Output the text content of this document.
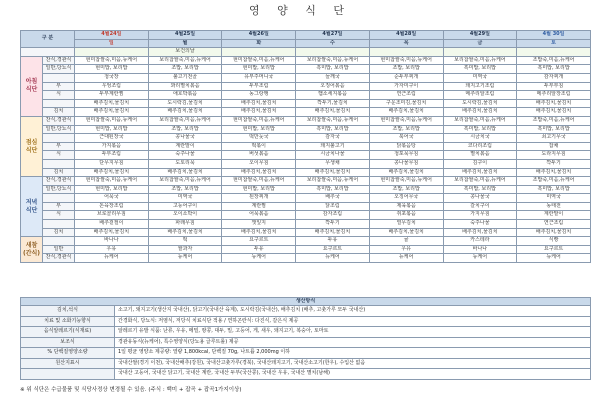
영 양 식 단
구 분		4월24일	4월25일	4월26일	4월27일	4월28일	4월29일	4월 30일
		일	월	화	수	목	금	토
			보건의날					
아침
식단	찬식,경관식	현미찹쌀죽,미음,뉴케어	보리찹쌀죽,미음,뉴케어	현미찹쌀죽,미음,뉴케어	보리찹쌀죽,미음,뉴케어	현미찹쌀죽,미음,뉴케어	보리찹쌀죽,미음,뉴케어	조밥죽,미음,뉴케어
	일반,당뇨식	현미밥, 보리밥	조밥, 보리밥	현미밥, 보리밥	흑미밥, 보리밥	조밥, 보리밥	흑미밥, 보리밥	흑미밥, 보리밥
		청국장	불고기전골	유부주머니국	들깨국	순두부찌개	미역국	감자찌개
	부	우엉조림	꽈리멸치볶음	두부조림	오징어볶음	가자미구이	돼지고기조림	두부부침
	식	두부계란찜	애호박볶음	동그랑땡	햄소세지볶음	연근조림	메추리알조림	메추리알장조림
		배추김치,물김치	도시락김,물김치	배추김치,물김치	깍두기,물김치	구운조미김,물김치	도시락김,물김치	배추김치,물김치
	김치	배추김치,물김치	배추김치,물김치	배추김치,물김치	배추김치,물김치	배추김치,물김치	배추김치,물김치	배추김치,물김치
점심
식단	찬식,경관식	현미찹쌀죽,미음,뉴케어	보리찹쌀죽,미음,뉴케어	현미찹쌀죽,미음,뉴케어	보리찹쌀죽,미음,뉴케어	현미찹쌀죽,미음,뉴케어	보리찹쌀죽,미음,뉴케어	조밥죽,미음,뉴케어
	일반,당뇨식	현미밥, 보리밥	조밥, 보리밥	현미밥, 보리밥	흑미밥, 보리밥	조밥, 보리밥	흑미밥, 보리밥	흑미밥, 보리밥
		근대된장국	콩나물국	떡만둣국	감자국	북어국	시금치국	쇠고기무국
	부	가지볶음	계란말이	떡볶이	돼지불고기	닭볶음탕	코다리조림	잡채
	식	두부조림	숙주나물	버섯볶음	시금치나물	청포묵무침	멸치볶음	도라지무침
		단무지무침	도토리묵	오이무침	무생채	콩나물무침	김구이	깍두기
	김치	배추김치,물김치	배추김치,물김치	배추김치,물김치	배추김치,물김치	배추김치,물김치	배추김치,물김치	배추김치,물김치
저녁
식단	찬식,경관식	현미찹쌀죽,미음,뉴케어	보리찹쌀죽,미음,뉴케어	현미찹쌀죽,미음,뉴케어	보리찹쌀죽,미음,뉴케어	현미찹쌀죽,미음,뉴케어	보리찹쌀죽,미음,뉴케어	조밥죽,미음,뉴케어
	일반,당뇨식	현미밥, 보리밥	조밥, 보리밥	현미밥, 보리밥	흑미밥, 보리밥	조밥, 보리밥	흑미밥, 보리밥	흑미밥, 보리밥
		어묵국	미역국	된장찌개	배추국	오징어무국	콩나물국	미역국
	부	돈육장조림	고등어구이	계란찜	닭조림	제육볶음	갈치구이	동태전
	식	브로콜리무침	오이소박이	어묵볶음	감자조림	쥐포볶음	가지무침	계란말이
		배추겉절이	파래무침	깻잎지	깍두기	열무김치	숙주나물	연근조림
	김치	배추김치,물김치	배추김치,물김치	배추김치,물김치	배추김치,물김치	배추김치,물김치	배추김치,물김치	배추김치,물김치
새참
(간식)		바나나	떡	요구르트	두유	귤	카스테라	식빵
	일반	우유	쌀과자	두유	요구르트	우유	바나나	요구르트
	찬식,경관식	뉴케어	뉴케어	뉴케어	뉴케어	뉴케어	뉴케어	뉴케어
생산방식	
김치,석식	소고기, 돼지고기(생산지 국내산), 닭고기(국내산 육계), 도시락김(국내산), 배추김치 (배추, 고춧가루 모두 국내산)
치료 및 소화기능향식	간경화식, 당뇨식: 저염식, 저당식 치료식단 적용 / 연하곤란식: 다진식, 갈은식 제공
음식알레르기(식재료)	알레르기 유발 식품: 난류, 우유, 메밀, 땅콩, 대두, 밀, 고등어, 게, 새우, 돼지고기, 복숭아, 토마토
보조식	경관유동식(뉴케어), 특수영양식(당뇨용 글루트롤) 제공
% 단백질영양소량	1일 평균 영양소 제공량: 열량 1,800kcal, 단백질 70g, 나트륨 2,000mg 이하
원산지표시	국내산쌀(경기 이천), 국내산배추(강원), 국내산고춧가루(경북), 국내산돼지고기, 국내산소고기(한우), 수입산 없음
	국내산 고등어, 국내산 닭고기, 국내산 계란, 국내산 두부(국산콩), 국내산 우유, 국내산 멸치(남해)
※ 위 식단은 수급물품 및 식당사정상 변경될 수 있음. (주식 : 백미 + 잡곡 + 잡곡1가지이상)
